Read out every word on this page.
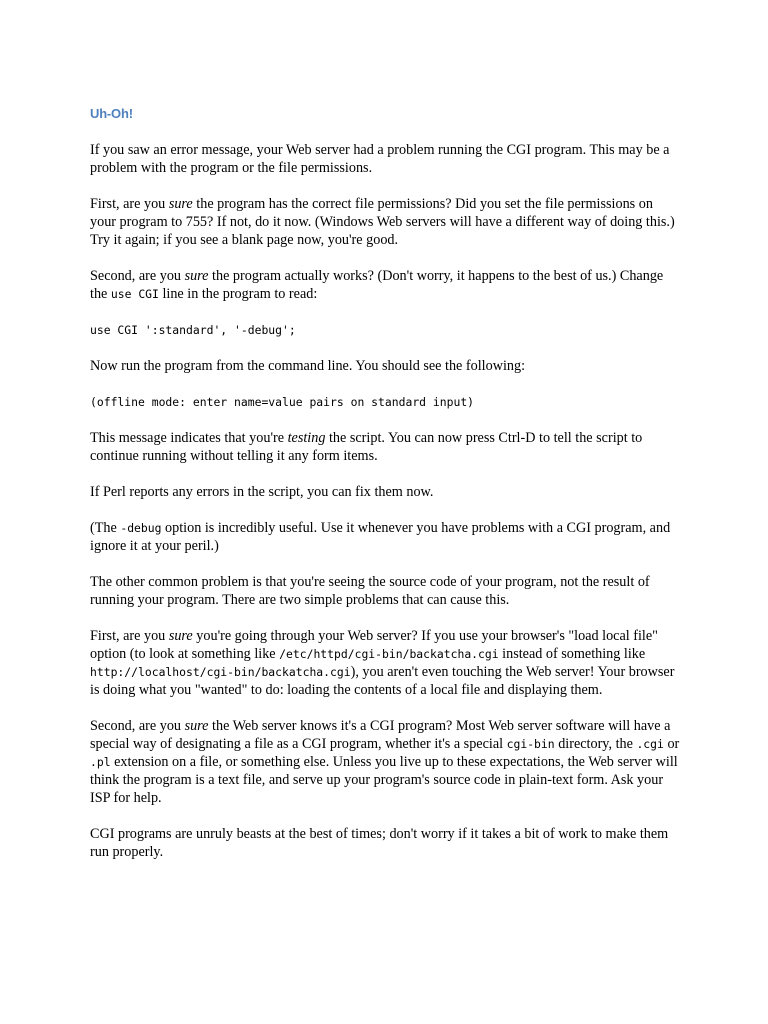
Uh-Oh!

If you saw an error message, your Web server had a problem running the CGI program. This may be a problem with the program or the file permissions.

First, are you sure the program has the correct file permissions? Did you set the file permissions on your program to 755? If not, do it now. (Windows Web servers will have a different way of doing this.) Try it again; if you see a blank page now, you're good.

Second, are you sure the program actually works? (Don't worry, it happens to the best of us.) Change the use CGI line in the program to read:

use CGI ':standard', '-debug';

Now run the program from the command line. You should see the following:

(offline mode: enter name=value pairs on standard input)

This message indicates that you're testing the script. You can now press Ctrl-D to tell the script to continue running without telling it any form items.

If Perl reports any errors in the script, you can fix them now.

(The -debug option is incredibly useful. Use it whenever you have problems with a CGI program, and ignore it at your peril.)

The other common problem is that you're seeing the source code of your program, not the result of running your program. There are two simple problems that can cause this.

First, are you sure you're going through your Web server? If you use your browser's "load local file" option (to look at something like /etc/httpd/cgi-bin/backatcha.cgi instead of something like http://localhost/cgi-bin/backatcha.cgi), you aren't even touching the Web server! Your browser is doing what you "wanted" to do: loading the contents of a local file and displaying them.

Second, are you sure the Web server knows it's a CGI program? Most Web server software will have a special way of designating a file as a CGI program, whether it's a special cgi-bin directory, the .cgi or .pl extension on a file, or something else. Unless you live up to these expectations, the Web server will think the program is a text file, and serve up your program's source code in plain-text form. Ask your ISP for help.

CGI programs are unruly beasts at the best of times; don't worry if it takes a bit of work to make them run properly.
